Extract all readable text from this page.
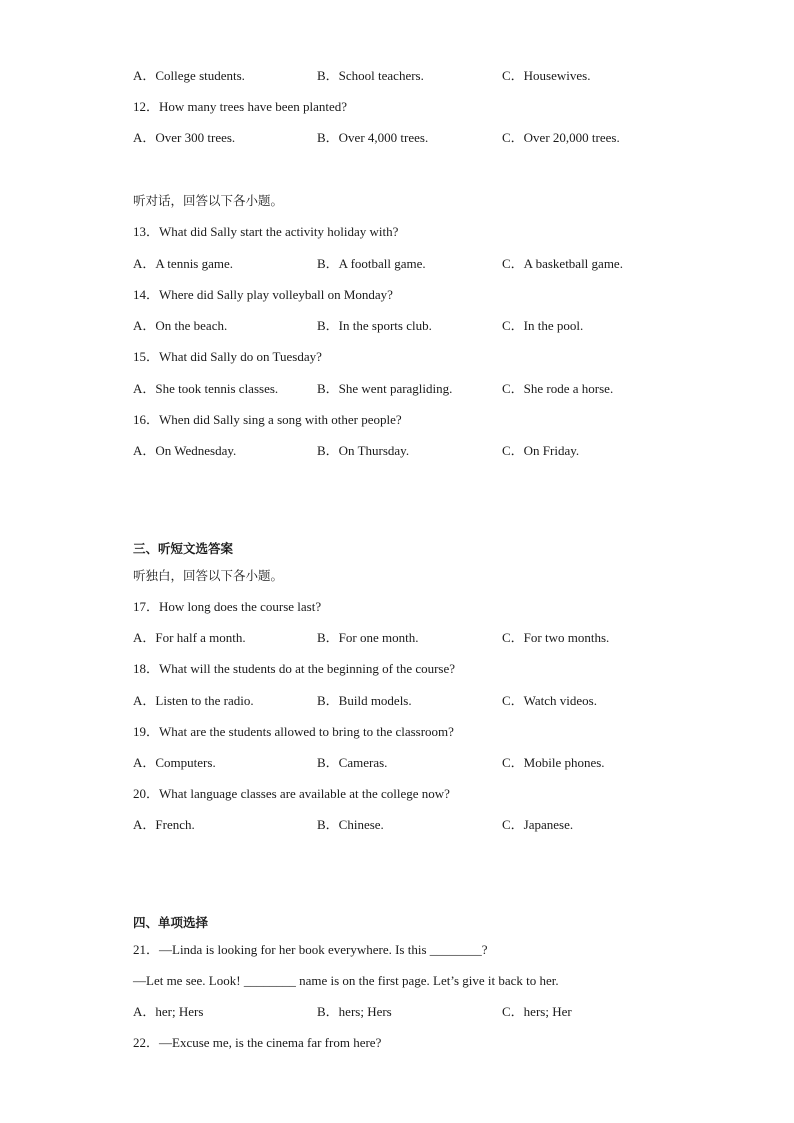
A．College students.	B．School teachers.	C．Housewives.
12．How many trees have been planted?
A．Over 300 trees.	B．Over 4,000 trees.	C．Over 20,000 trees.
听对话，回答以下各小题。
13．What did Sally start the activity holiday with?
A．A tennis game.	B．A football game.	C．A basketball game.
14．Where did Sally play volleyball on Monday?
A．On the beach.	B．In the sports club.	C．In the pool.
15．What did Sally do on Tuesday?
A．She took tennis classes.	B．She went paragliding.	C．She rode a horse.
16．When did Sally sing a song with other people?
A．On Wednesday.	B．On Thursday.	C．On Friday.
三、听短文选答案
听独白，回答以下各小题。
17．How long does the course last?
A．For half a month.	B．For one month.	C．For two months.
18．What will the students do at the beginning of the course?
A．Listen to the radio.	B．Build models.	C．Watch videos.
19．What are the students allowed to bring to the classroom?
A．Computers.	B．Cameras.	C．Mobile phones.
20．What language classes are available at the college now?
A．French.	B．Chinese.	C．Japanese.
四、单项选择
21．—Linda is looking for her book everywhere. Is this ________?
—Let me see. Look! ________ name is on the first page. Let’s give it back to her.
A．her; Hers	B．hers; Hers	C．hers; Her
22．—Excuse me, is the cinema far from here?
